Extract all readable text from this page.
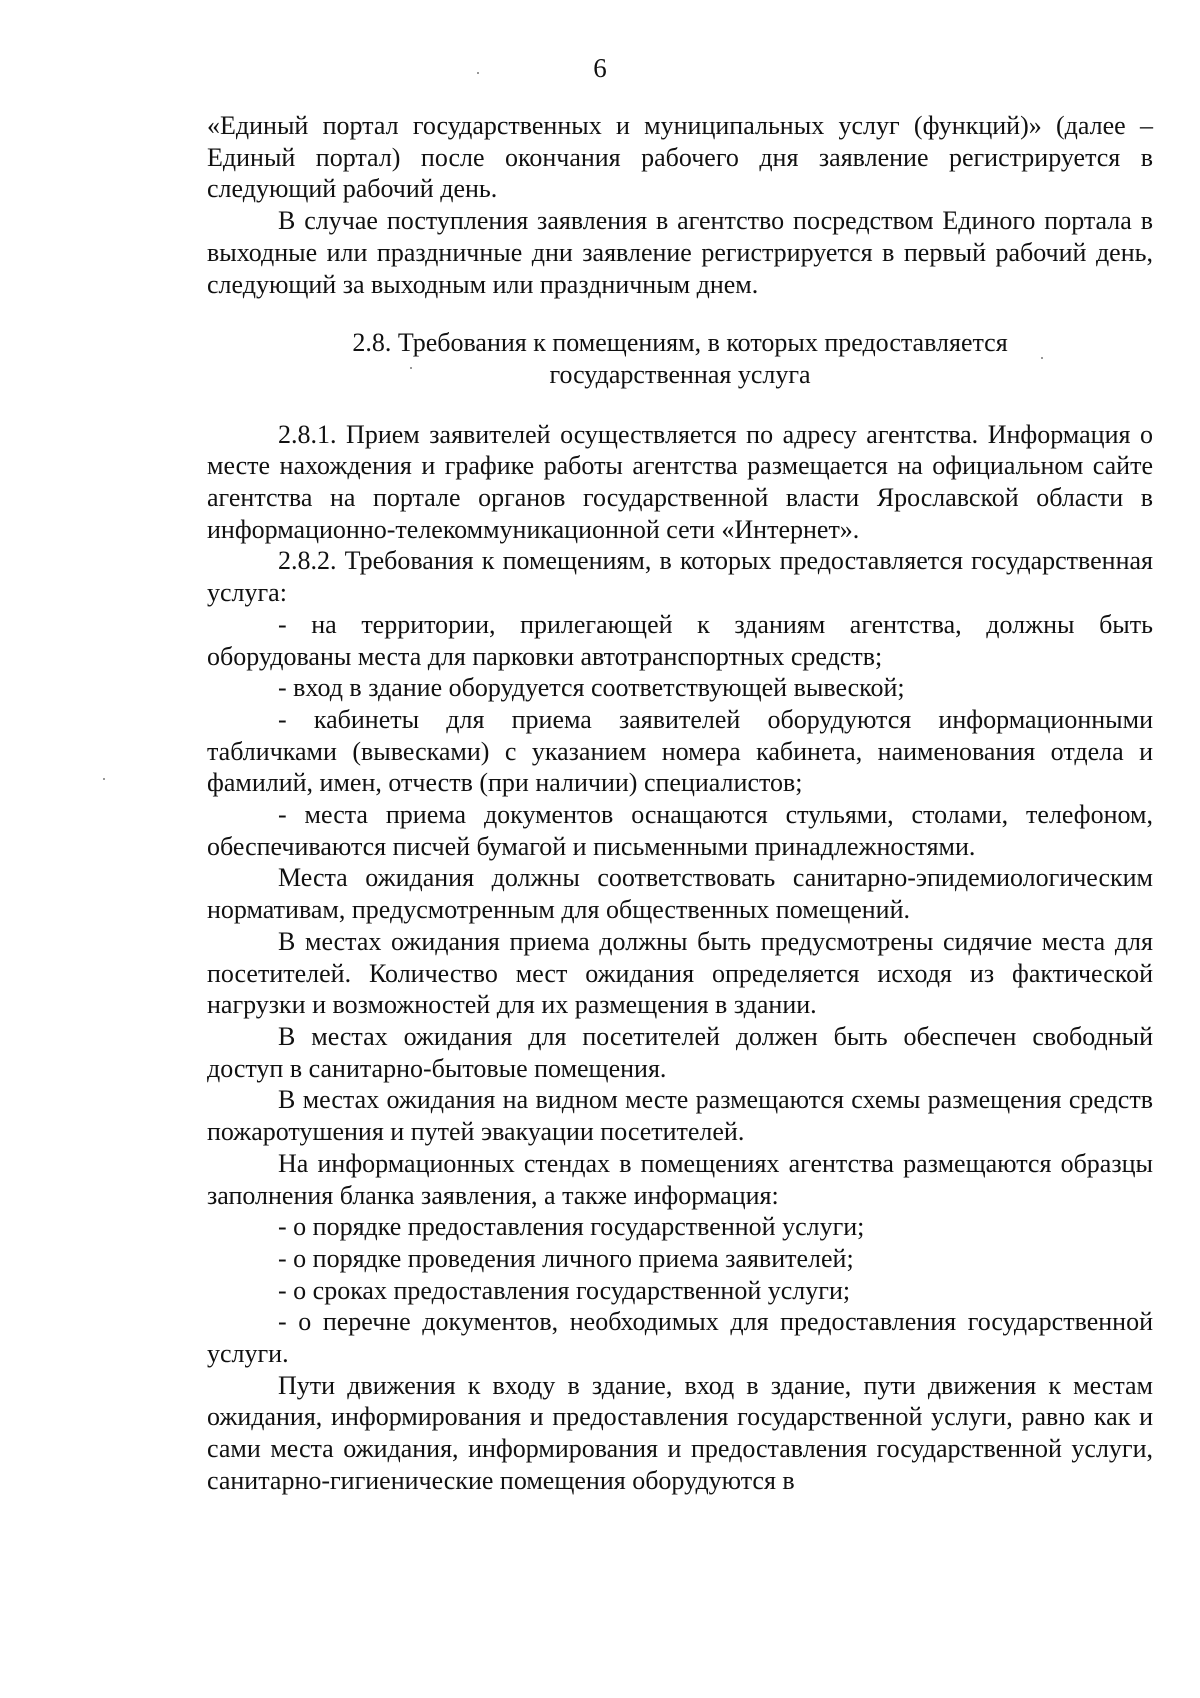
6

«Единый портал государственных и муниципальных услуг (функций)» (далее – Единый портал) после окончания рабочего дня заявление регистрируется в следующий рабочий день.

В случае поступления заявления в агентство посредством Единого портала в выходные или праздничные дни заявление регистрируется в первый рабочий день, следующий за выходным или праздничным днем.

2.8. Требования к помещениям, в которых предоставляется
государственная услуга

2.8.1. Прием заявителей осуществляется по адресу агентства. Информация о месте нахождения и графике работы агентства размещается на официальном сайте агентства на портале органов государственной власти Ярославской области в информационно-телекоммуникационной сети «Интернет».

2.8.2. Требования к помещениям, в которых предоставляется государственная услуга:

- на территории, прилегающей к зданиям агентства, должны быть оборудованы места для парковки автотранспортных средств;

- вход в здание оборудуется соответствующей вывеской;

- кабинеты для приема заявителей оборудуются информационными табличками (вывесками) с указанием номера кабинета, наименования отдела и фамилий, имен, отчеств (при наличии) специалистов;

- места приема документов оснащаются стульями, столами, телефоном, обеспечиваются писчей бумагой и письменными принадлежностями.

Места ожидания должны соответствовать санитарно-эпидемиологическим нормативам, предусмотренным для общественных помещений.

В местах ожидания приема должны быть предусмотрены сидячие места для посетителей. Количество мест ожидания определяется исходя из фактической нагрузки и возможностей для их размещения в здании.

В местах ожидания для посетителей должен быть обеспечен свободный доступ в санитарно-бытовые помещения.

В местах ожидания на видном месте размещаются схемы размещения средств пожаротушения и путей эвакуации посетителей.

На информационных стендах в помещениях агентства размещаются образцы заполнения бланка заявления, а также информация:

- о порядке предоставления государственной услуги;

- о порядке проведения личного приема заявителей;

- о сроках предоставления государственной услуги;

- о перечне документов, необходимых для предоставления государственной услуги.

Пути движения к входу в здание, вход в здание, пути движения к местам ожидания, информирования и предоставления государственной услуги, равно как и сами места ожидания, информирования и предоставления государственной услуги, санитарно-гигиенические помещения оборудуются в
